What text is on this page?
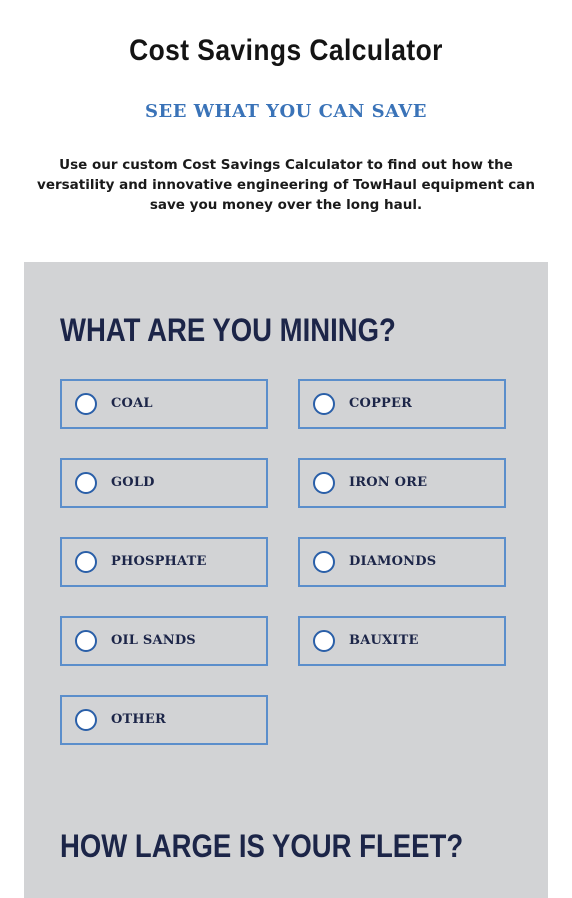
Cost Savings Calculator
SEE WHAT YOU CAN SAVE
Use our custom Cost Savings Calculator to find out how the versatility and innovative engineering of TowHaul equipment can save you money over the long haul.
WHAT ARE YOU MINING?
COAL	COPPER
GOLD	IRON ORE
PHOSPHATE	DIAMONDS
OIL SANDS	BAUXITE
OTHER
HOW LARGE IS YOUR FLEET?
